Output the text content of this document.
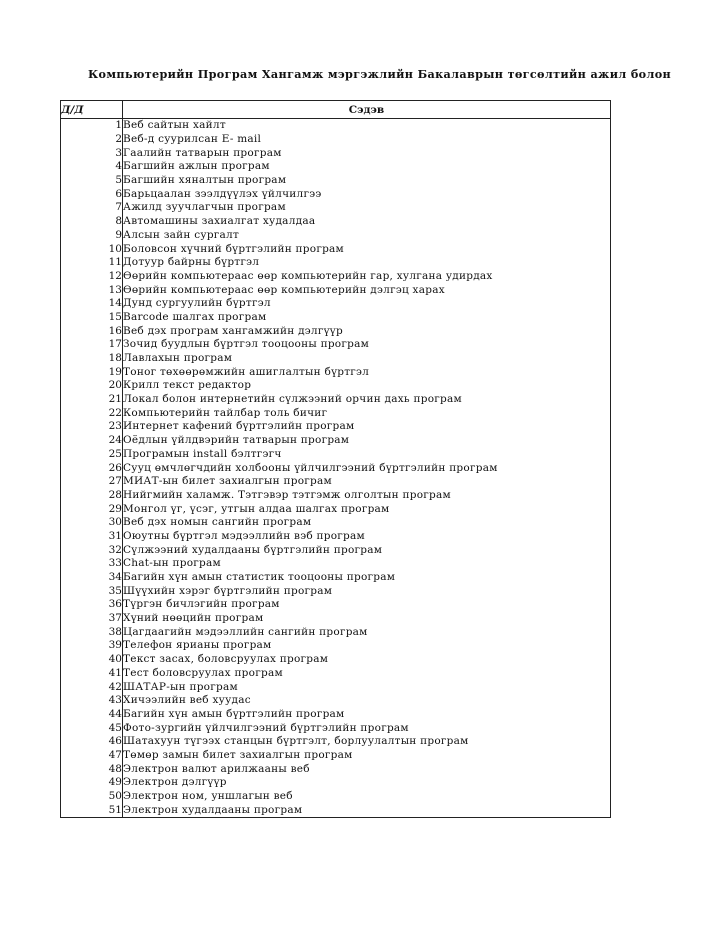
Компьютерийн Програм Хангамж мэргэжлийн Бакалаврын төгсөлтийн ажил болон
Д/Д	Сэдэв
1	Веб сайтын хайлт
2	Веб-д суурилсан E- mail
3	Гаалийн татварын програм
4	Багшийн ажлын програм
5	Багшийн хяналтын програм
6	Барьцаалан зээлдүүлэх үйлчилгээ
7	Ажилд зуучлагчын програм
8	Автомашины захиалгат худалдаа
9	Алсын зайн сургалт
10	Боловсон хүчний бүртгэлийн програм
11	Дотуур байрны бүртгэл
12	Өөрийн компьютераас өөр компьютерийн гар, хулгана удирдах
13	Өөрийн компьютераас өөр компьютерийн дэлгэц харах
14	Дунд сургуулийн бүртгэл
15	Barcode шалгах програм
16	Веб дэх програм хангамжийн дэлгүүр
17	Зочид буудлын бүртгэл тооцооны програм
18	Лавлахын програм
19	Тоног төхөөрөмжийн ашиглалтын бүртгэл
20	Крилл текст редактор
21	Локал болон интернетийн сүлжээний орчин дахь програм
22	Компьютерийн тайлбар толь бичиг
23	Интернет кафений бүртгэлийн програм
24	Оёдлын үйлдвэрийн татварын програм
25	Програмын install бэлтгэгч
26	Сууц өмчлөгчдийн холбооны үйлчилгээний бүртгэлийн програм
27	МИАТ-ын билет захиалгын програм
28	Нийгмийн халамж. Тэтгэвэр тэтгэмж олголтын програм
29	Монгол үг, үсэг, утгын алдаа шалгах програм
30	Веб дэх номын сангийн програм
31	Оюутны бүртгэл мэдээллийн вэб програм
32	Сүлжээний худалдааны бүртгэлийн програм
33	Chat-ын програм
34	Багийн хүн амын статистик тооцооны програм
35	Шүүхийн хэрэг бүртгэлийн програм
36	Түргэн бичлэгийн програм
37	Хүний нөөцийн програм
38	Цагдаагийн мэдээллийн сангийн програм
39	Телефон ярианы програм
40	Текст засах, боловсруулах програм
41	Тест боловсруулах програм
42	ШАТАР-ын програм
43	Хичээлийн веб хуудас
44	Багийн хүн амын бүртгэлийн програм
45	Фото-зургийн үйлчилгээний бүртгэлийн програм
46	Шатахуун түгээх станцын бүртгэлт, борлуулалтын програм
47	Төмөр замын билет захиалгын програм
48	Электрон валют арилжааны веб
49	Электрон дэлгүүр
50	Электрон ном, уншлагын веб
51	Электрон худалдааны програм
